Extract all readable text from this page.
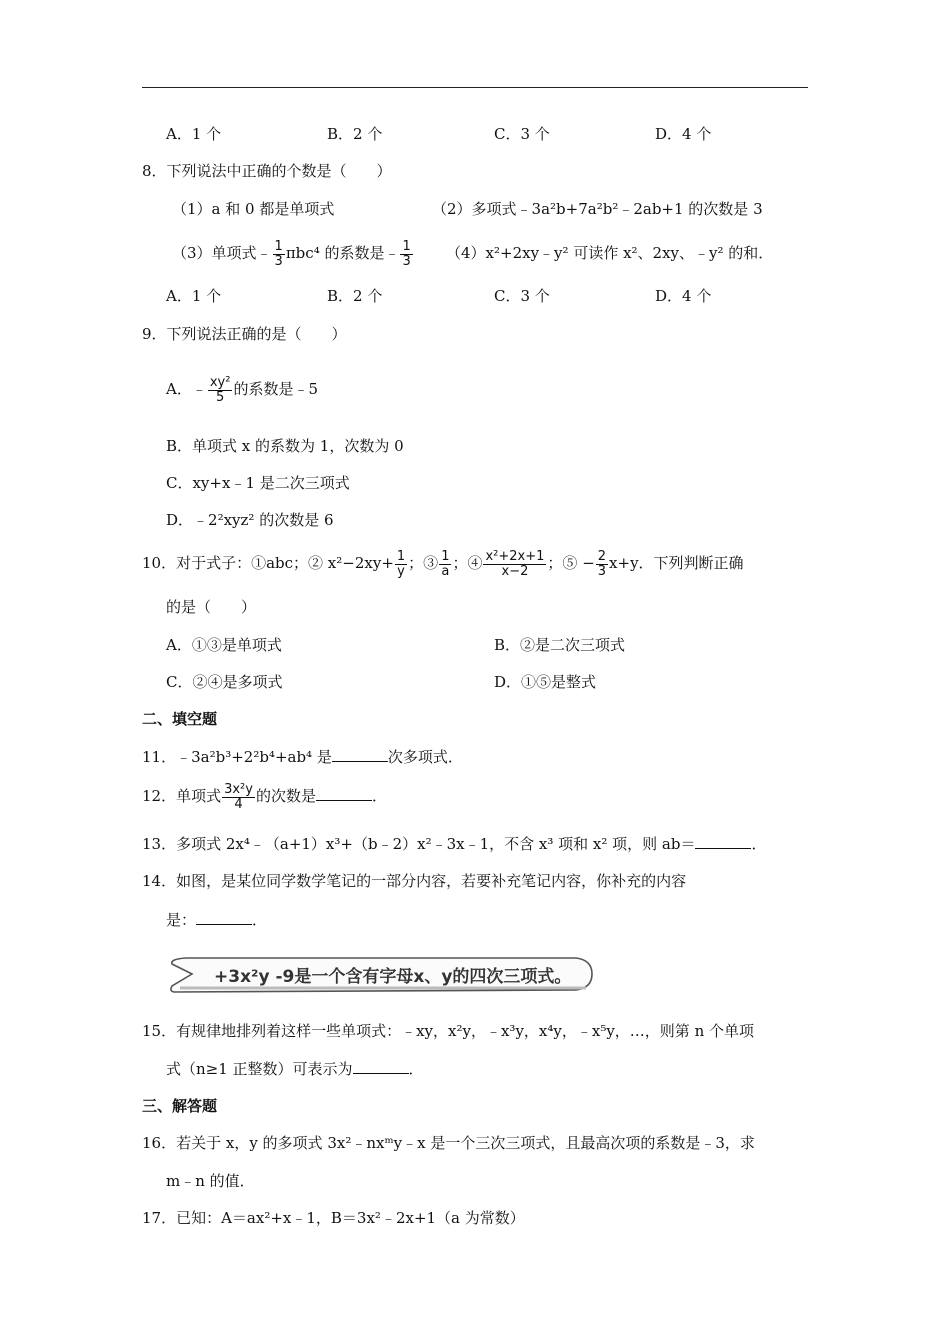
A．1 个	B．2 个	C．3 个	D．4 个
8．下列说法中正确的个数是（　　）
（1）a 和 0 都是单项式	（2）多项式﹣3a²b+7a²b²﹣2ab+1 的次数是 3
（3）单项式﹣ $\frac{1}{3} \pi bc^4$ 的系数是﹣ $\frac{1}{3}$ （4）x²+2xy﹣y² 可读作 x²、2xy、﹣y² 的和．
A．1 个	B．2 个	C．3 个	D．4 个
9．下列说法正确的是（　　）
A．﹣ $\frac{\text{xy²}}{5}$ 的系数是﹣5
B．单项式 x 的系数为 1，次数为 0
C．xy+x﹣1 是二次三项式
D．﹣2²xyz² 的次数是 6
10．对于式子：①abc；② $x^2-2xy+ \frac{1}{y}$ ；③ $\frac{1}{a}$ ；④ $\frac{\text{x²+2x+1}}{x-2}$ ；⑤ − $\frac{2}{3} x+y$．下列判断正确
的是（　　）
A．①③是单项式	B．②是二次三项式
C．②④是多项式	D．①⑤是整式
二、填空题
11．﹣3a²b³+2²b⁴+ab⁴ 是	次多项式．
12．单项式 $\frac{\text{3x²y}}{4}$ 的次数是	．
13．多项式 2x⁴﹣（a+1）x³+（b﹣2）x²﹣3x﹣1，不含 x³ 项和 x² 项，则 ab＝	．
14．如图，是某位同学数学笔记的一部分内容，若要补充笔记内容，你补充的内容
是：	．
+3x²y -9是一个含有字母x、y的四次三项式。
15．有规律地排列着这样一些单项式：﹣xy，x²y，﹣x³y，x⁴y，﹣x⁵y，…，则第 n 个单项
式（n≥1 正整数）可表示为	．
三、解答题
16．若关于 x，y 的多项式 3x²﹣nxᵐy﹣x 是一个三次三项式，且最高次项的系数是﹣3，求
m﹣n 的值．
17．已知：A＝ax²+x﹣1，B＝3x²﹣2x+1（a 为常数）
